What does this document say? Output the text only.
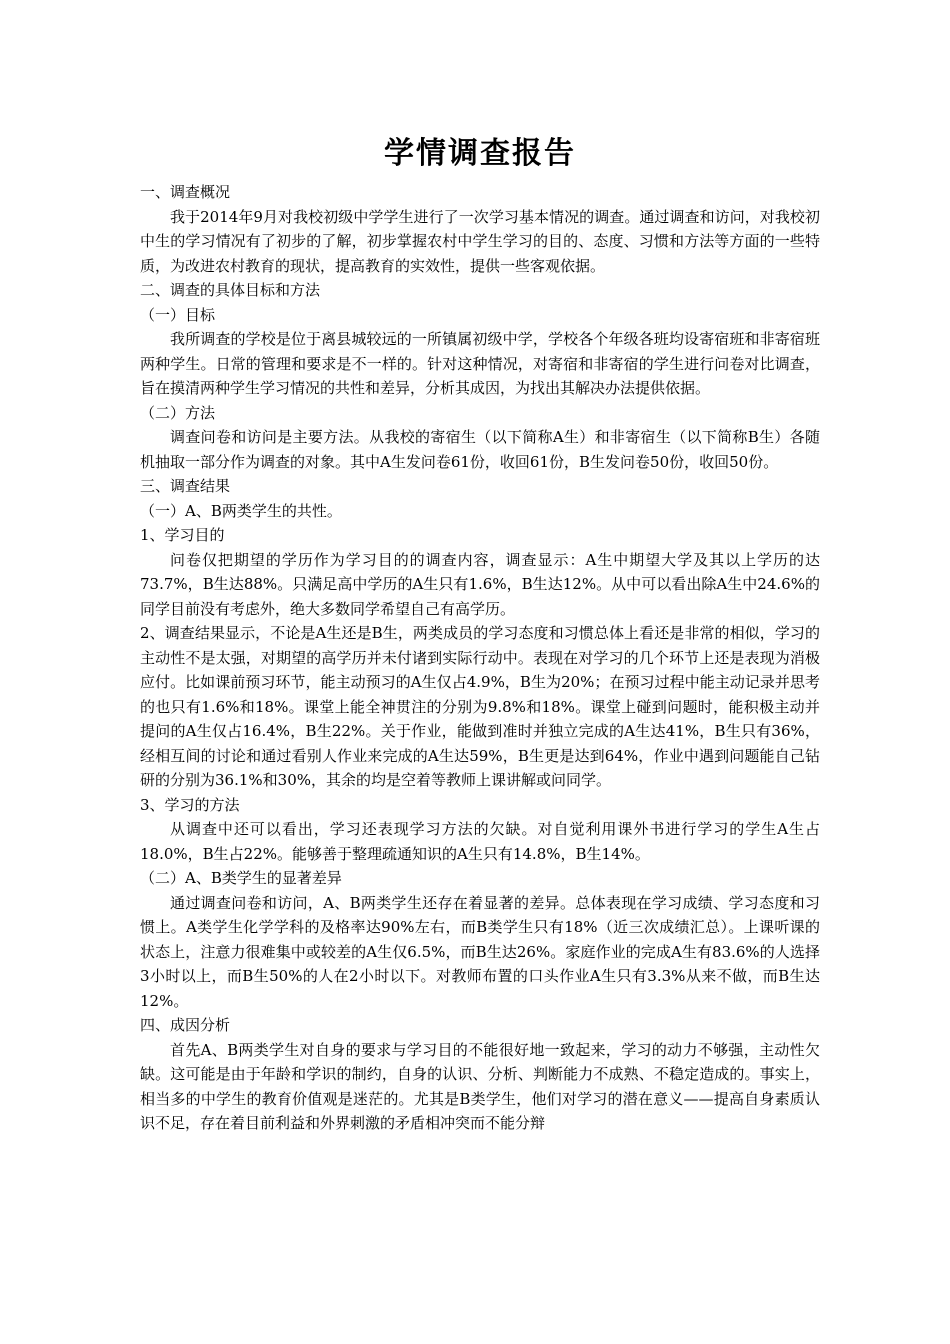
学情调查报告
一、调查概况
我于2014年9月对我校初级中学学生进行了一次学习基本情况的调查。通过调查和访问，对我校初中生的学习情况有了初步的了解，初步掌握农村中学生学习的目的、态度、习惯和方法等方面的一些特质，为改进农村教育的现状，提高教育的实效性，提供一些客观依据。
二、调查的具体目标和方法
（一）目标
我所调查的学校是位于离县城较远的一所镇属初级中学，学校各个年级各班均设寄宿班和非寄宿班两种学生。日常的管理和要求是不一样的。针对这种情况，对寄宿和非寄宿的学生进行问卷对比调查，旨在摸清两种学生学习情况的共性和差异，分析其成因，为找出其解决办法提供依据。
（二）方法
调查问卷和访问是主要方法。从我校的寄宿生（以下简称A生）和非寄宿生（以下简称B生）各随机抽取一部分作为调查的对象。其中A生发问卷61份，收回61份，B生发问卷50份，收回50份。
三、调查结果
（一）A、B两类学生的共性。
1、学习目的
问卷仅把期望的学历作为学习目的的调查内容，调查显示：A生中期望大学及其以上学历的达73.7%，B生达88%。只满足高中学历的A生只有1.6%，B生达12%。从中可以看出除A生中24.6%的同学目前没有考虑外，绝大多数同学希望自己有高学历。
2、调查结果显示，不论是A生还是B生，两类成员的学习态度和习惯总体上看还是非常的相似，学习的主动性不是太强，对期望的高学历并未付诸到实际行动中。表现在对学习的几个环节上还是表现为消极应付。比如课前预习环节，能主动预习的A生仅占4.9%，B生为20%；在预习过程中能主动记录并思考的也只有1.6%和18%。课堂上能全神贯注的分别为9.8%和18%。课堂上碰到问题时，能积极主动并提问的A生仅占16.4%，B生22%。关于作业，能做到准时并独立完成的A生达41%，B生只有36%，经相互间的讨论和通过看别人作业来完成的A生达59%，B生更是达到64%，作业中遇到问题能自己钻研的分别为36.1%和30%，其余的均是空着等教师上课讲解或问同学。
3、学习的方法
从调查中还可以看出，学习还表现学习方法的欠缺。对自觉利用课外书进行学习的学生A生占18.0%，B生占22%。能够善于整理疏通知识的A生只有14.8%，B生14%。
（二）A、B类学生的显著差异
通过调查问卷和访问，A、B两类学生还存在着显著的差异。总体表现在学习成绩、学习态度和习惯上。A类学生化学学科的及格率达90%左右，而B类学生只有18%（近三次成绩汇总）。上课听课的状态上，注意力很难集中或较差的A生仅6.5%，而B生达26%。家庭作业的完成A生有83.6%的人选择3小时以上，而B生50%的人在2小时以下。对教师布置的口头作业A生只有3.3%从来不做，而B生达12%。
四、成因分析
首先A、B两类学生对自身的要求与学习目的不能很好地一致起来，学习的动力不够强，主动性欠缺。这可能是由于年龄和学识的制约，自身的认识、分析、判断能力不成熟、不稳定造成的。事实上，相当多的中学生的教育价值观是迷茫的。尤其是B类学生，他们对学习的潜在意义——提高自身素质认识不足，存在着目前利益和外界刺激的矛盾相冲突而不能分辩
